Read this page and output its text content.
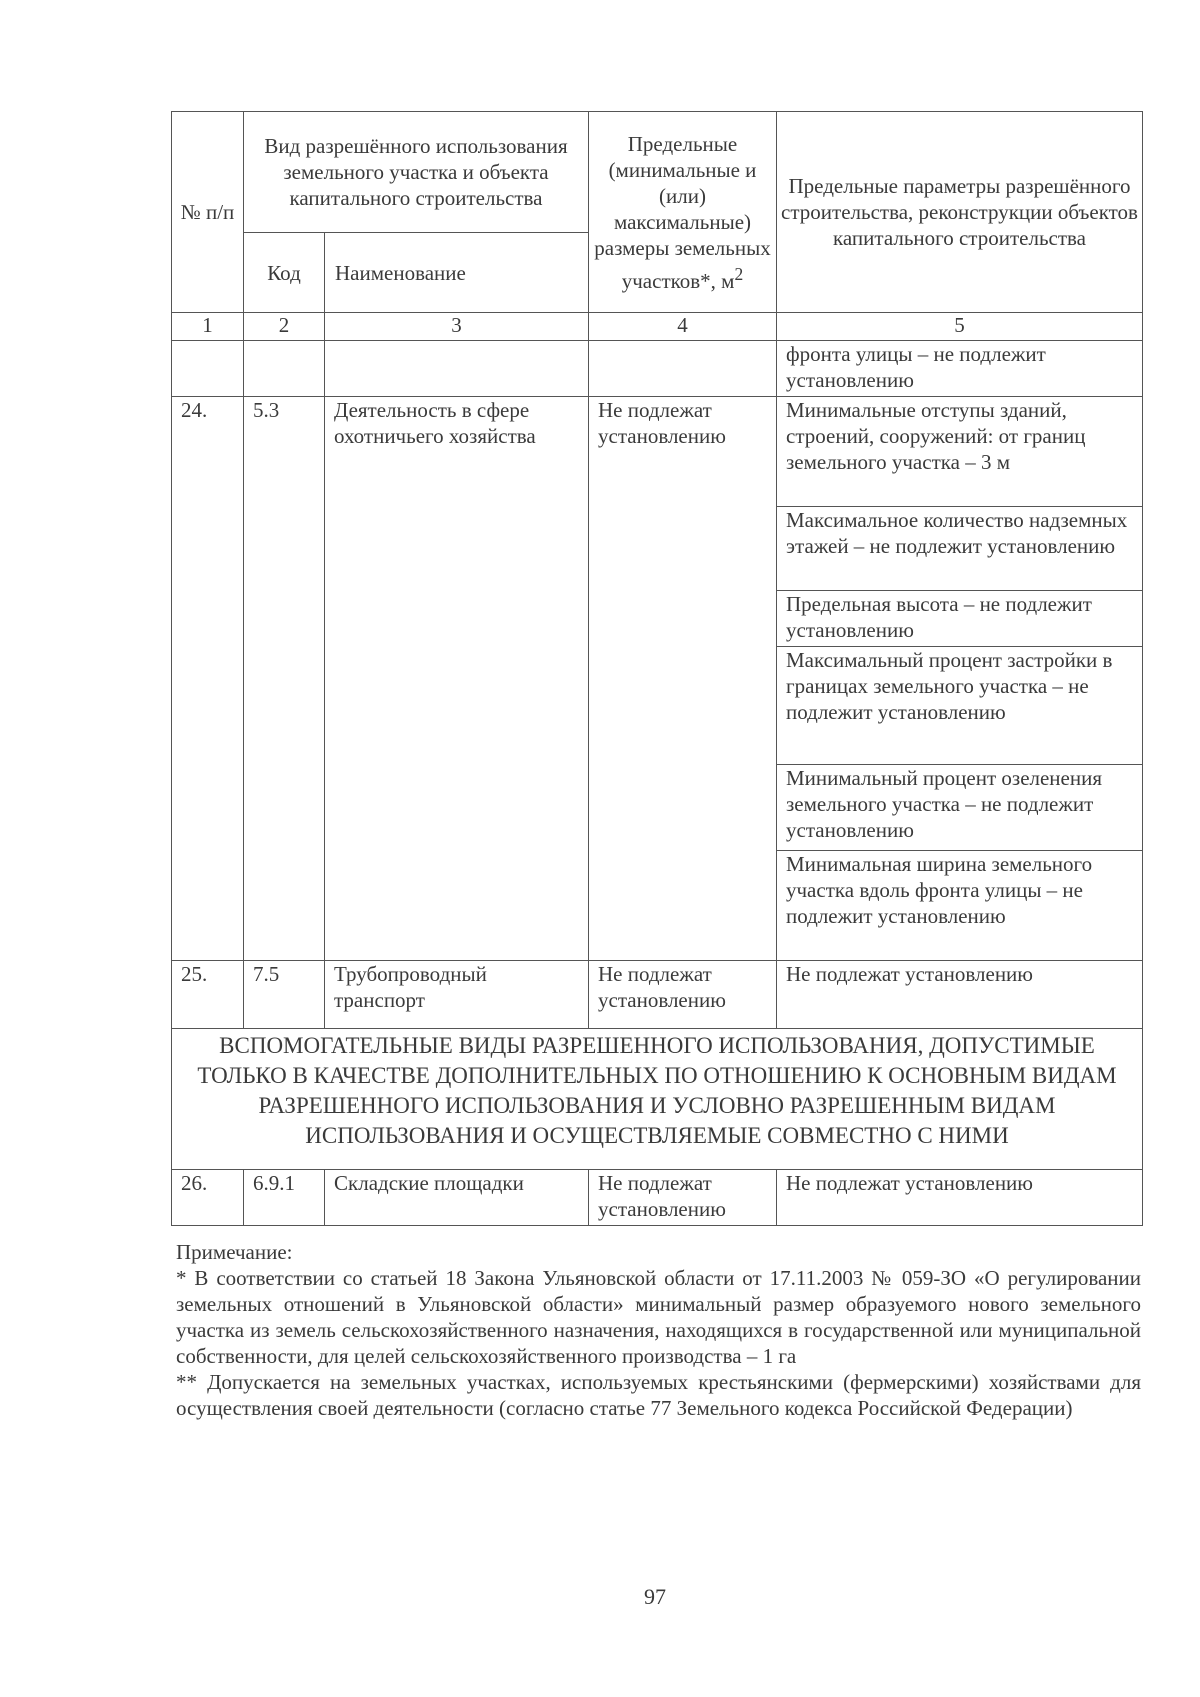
№ п/п	Вид разрешённого использования земельного участка и объекта капитального строительства		Предельные (минимальные и (или) максимальные) размеры земельных участков*, $м^2$	Предельные параметры разрешённого строительства, реконструкции объектов капитального строительства
	Код	Наименование		
1	2	3	4	5
				фронта улицы – не подлежит установлению
24.	5.3	Деятельность в сфере охотничьего хозяйства	Не подлежат установлению	Минимальные отступы зданий, строений, сооружений: от границ земельного участка – 3 м
				Максимальное количество надземных этажей – не подлежит установлению
				Предельная высота – не подлежит установлению
				Максимальный процент застройки в границах земельного участка – не подлежит установлению
				Минимальный процент озеленения земельного участка – не подлежит установлению
				Минимальная ширина земельного участка вдоль фронта улицы – не подлежит установлению
25.	7.5	Трубопроводный транспорт	Не подлежат установлению	Не подлежат установлению
ВСПОМОГАТЕЛЬНЫЕ ВИДЫ РАЗРЕШЕННОГО ИСПОЛЬЗОВАНИЯ, ДОПУСТИМЫЕ ТОЛЬКО В КАЧЕСТВЕ ДОПОЛНИТЕЛЬНЫХ ПО ОТНОШЕНИЮ К ОСНОВНЫМ ВИДАМ РАЗРЕШЕННОГО ИСПОЛЬЗОВАНИЯ И УСЛОВНО РАЗРЕШЕННЫМ ВИДАМ ИСПОЛЬЗОВАНИЯ И ОСУЩЕСТВЛЯЕМЫЕ СОВМЕСТНО С НИМИ				
26.	6.9.1	Складские площадки	Не подлежат установлению	Не подлежат установлению

Примечание:

* В соответствии со статьей 18 Закона Ульяновской области от 17.11.2003 № 059-ЗО «О регулировании земельных отношений в Ульяновской области» минимальный размер образуемого нового земельного участка из земель сельскохозяйственного назначения, находящихся в государственной или муниципальной собственности, для целей сельскохозяйственного производства – 1 га

** Допускается на земельных участках, используемых крестьянскими (фермерскими) хозяйствами для осуществления своей деятельности (согласно статье 77 Земельного кодекса Российской Федерации)

97
